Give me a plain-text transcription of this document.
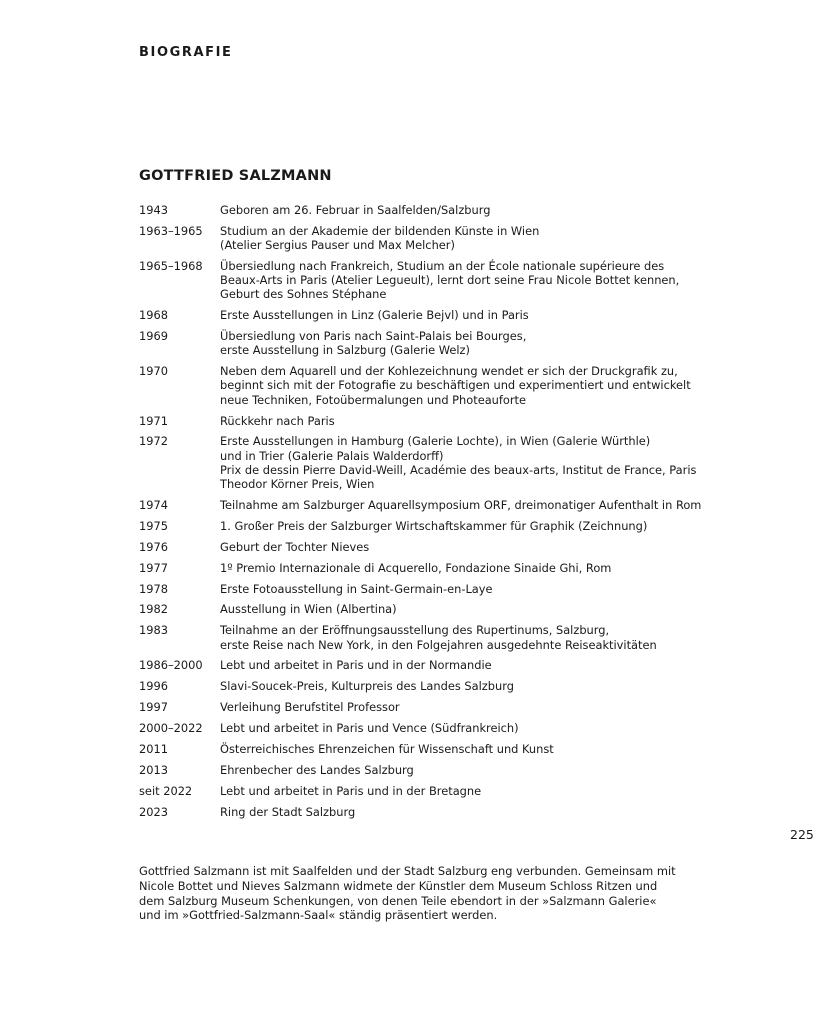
BIOGRAFIE
GOTTFRIED SALZMANN
1943	Geboren am 26. Februar in Saalfelden/Salzburg
1963–1965	Studium an der Akademie der bildenden Künste in Wien
(Atelier Sergius Pauser und Max Melcher)
1965–1968	Übersiedlung nach Frankreich, Studium an der École nationale supérieure des
Beaux-Arts in Paris (Atelier Legueult), lernt dort seine Frau Nicole Bottet kennen,
Geburt des Sohnes Stéphane
1968	Erste Ausstellungen in Linz (Galerie Bejvl) und in Paris
1969	Übersiedlung von Paris nach Saint-Palais bei Bourges,
erste Ausstellung in Salzburg (Galerie Welz)
1970	Neben dem Aquarell und der Kohlezeichnung wendet er sich der Druckgrafik zu,
beginnt sich mit der Fotografie zu beschäftigen und experimentiert und entwickelt
neue Techniken, Fotoübermalungen und Photeauforte
1971	Rückkehr nach Paris
1972	Erste Ausstellungen in Hamburg (Galerie Lochte), in Wien (Galerie Würthle)
und in Trier (Galerie Palais Walderdorff)
Prix de dessin Pierre David-Weill, Académie des beaux-arts, Institut de France, Paris
Theodor Körner Preis, Wien
1974	Teilnahme am Salzburger Aquarellsymposium ORF, dreimonatiger Aufenthalt in Rom
1975	1. Großer Preis der Salzburger Wirtschaftskammer für Graphik (Zeichnung)
1976	Geburt der Tochter Nieves
1977	1º Premio Internazionale di Acquerello, Fondazione Sinaide Ghi, Rom
1978	Erste Fotoausstellung in Saint-Germain-en-Laye
1982	Ausstellung in Wien (Albertina)
1983	Teilnahme an der Eröffnungsausstellung des Rupertinums, Salzburg,
erste Reise nach New York, in den Folgejahren ausgedehnte Reiseaktivitäten
1986–2000	Lebt und arbeitet in Paris und in der Normandie
1996	Slavi-Soucek-Preis, Kulturpreis des Landes Salzburg
1997	Verleihung Berufstitel Professor
2000–2022	Lebt und arbeitet in Paris und Vence (Südfrankreich)
2011	Österreichisches Ehrenzeichen für Wissenschaft und Kunst
2013	Ehrenbecher des Landes Salzburg
seit 2022	Lebt und arbeitet in Paris und in der Bretagne
2023	Ring der Stadt Salzburg
225
Gottfried Salzmann ist mit Saalfelden und der Stadt Salzburg eng verbunden. Gemeinsam mit
Nicole Bottet und Nieves Salzmann widmete der Künstler dem Museum Schloss Ritzen und
dem Salzburg Museum Schenkungen, von denen Teile ebendort in der »Salzmann Galerie«
und im »Gottfried-Salzmann-Saal« ständig präsentiert werden.
